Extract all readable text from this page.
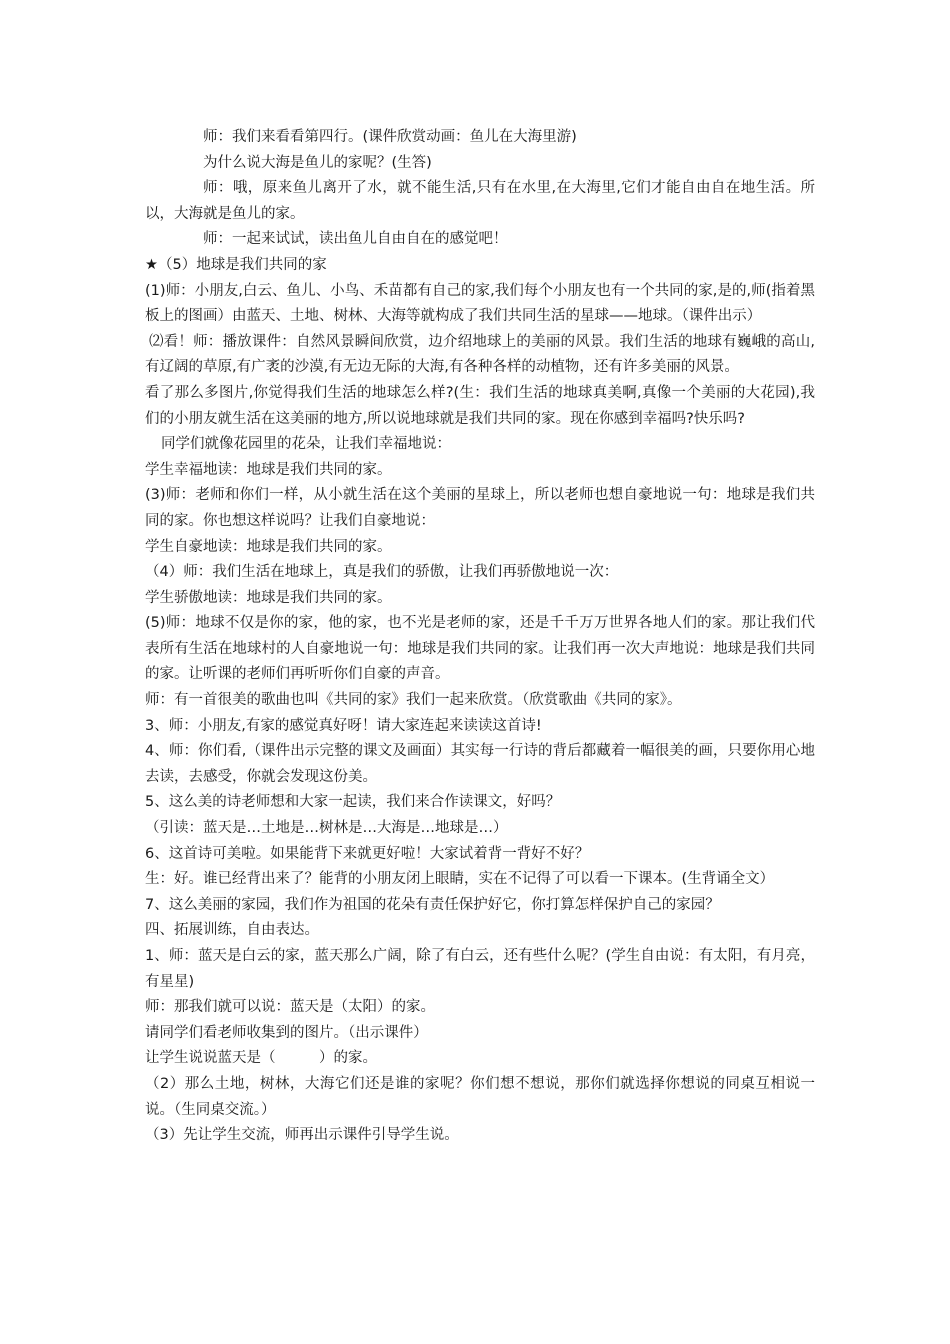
师：我们来看看第四行。(课件欣赏动画：鱼儿在大海里游)

为什么说大海是鱼儿的家呢？(生答)

师：哦，原来鱼儿离开了水，就不能生活,只有在水里,在大海里,它们才能自由自在地生活。所以，大海就是鱼儿的家。

师：一起来试试，读出鱼儿自由自在的感觉吧！

★（5）地球是我们共同的家

(1)师：小朋友,白云、鱼儿、小鸟、禾苗都有自己的家,我们每个小朋友也有一个共同的家,是的,师(指着黑板上的图画）由蓝天、土地、树林、大海等就构成了我们共同生活的星球——地球。（课件出示）

⑵看！师：播放课件：自然风景瞬间欣赏，边介绍地球上的美丽的风景。我们生活的地球有巍峨的高山,有辽阔的草原,有广袤的沙漠,有无边无际的大海,有各种各样的动植物，还有许多美丽的风景。

看了那么多图片,你觉得我们生活的地球怎么样?(生：我们生活的地球真美啊,真像一个美丽的大花园),我们的小朋友就生活在这美丽的地方,所以说地球就是我们共同的家。现在你感到幸福吗?快乐吗?

同学们就像花园里的花朵，让我们幸福地说：

学生幸福地读：地球是我们共同的家。

(3)师：老师和你们一样，从小就生活在这个美丽的星球上，所以老师也想自豪地说一句：地球是我们共同的家。你也想这样说吗？让我们自豪地说：

学生自豪地读：地球是我们共同的家。

（4）师：我们生活在地球上，真是我们的骄傲，让我们再骄傲地说一次：

学生骄傲地读：地球是我们共同的家。

(5)师：地球不仅是你的家，他的家，也不光是老师的家，还是千千万万世界各地人们的家。那让我们代表所有生活在地球村的人自豪地说一句：地球是我们共同的家。让我们再一次大声地说：地球是我们共同的家。让听课的老师们再听听你们自豪的声音。

师：有一首很美的歌曲也叫《共同的家》我们一起来欣赏。（欣赏歌曲《共同的家》。

3、师：小朋友,有家的感觉真好呀！请大家连起来读读这首诗!

4、师：你们看,（课件出示完整的课文及画面）其实每一行诗的背后都藏着一幅很美的画，只要你用心地去读，去感受，你就会发现这份美。

5、这么美的诗老师想和大家一起读，我们来合作读课文，好吗？

（引读：蓝天是…土地是…树林是…大海是…地球是…）

6、这首诗可美啦。如果能背下来就更好啦！大家试着背一背好不好？

生：好。谁已经背出来了？能背的小朋友闭上眼睛，实在不记得了可以看一下课本。(生背诵全文）

7、这么美丽的家园，我们作为祖国的花朵有责任保护好它，你打算怎样保护自己的家园？

四、拓展训练，自由表达。

1、师：蓝天是白云的家，蓝天那么广阔，除了有白云，还有些什么呢？(学生自由说：有太阳，有月亮，有星星)

师：那我们就可以说：蓝天是（太阳）的家。

请同学们看老师收集到的图片。（出示课件）

让学生说说蓝天是（　　　）的家。

（2）那么土地，树林，大海它们还是谁的家呢？你们想不想说，那你们就选择你想说的同桌互相说一说。（生同桌交流。）

（3）先让学生交流，师再出示课件引导学生说。
